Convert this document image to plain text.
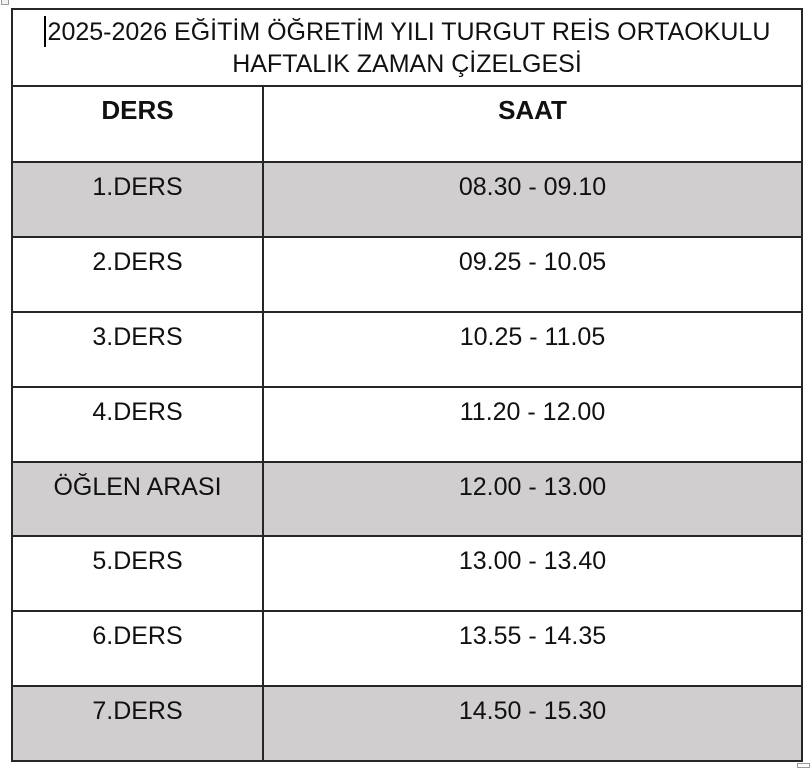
2025-2026 EĞİTİM ÖĞRETİM YILI TURGUT REİS ORTAOKULU
HAFTALIK ZAMAN ÇİZELGESİ
DERS	SAAT
1.DERS	08.30 - 09.10
2.DERS	09.25 - 10.05
3.DERS	10.25 - 11.05
4.DERS	11.20 - 12.00
ÖĞLEN ARASI	12.00 - 13.00
5.DERS	13.00 - 13.40
6.DERS	13.55 - 14.35
7.DERS	14.50 - 15.30
